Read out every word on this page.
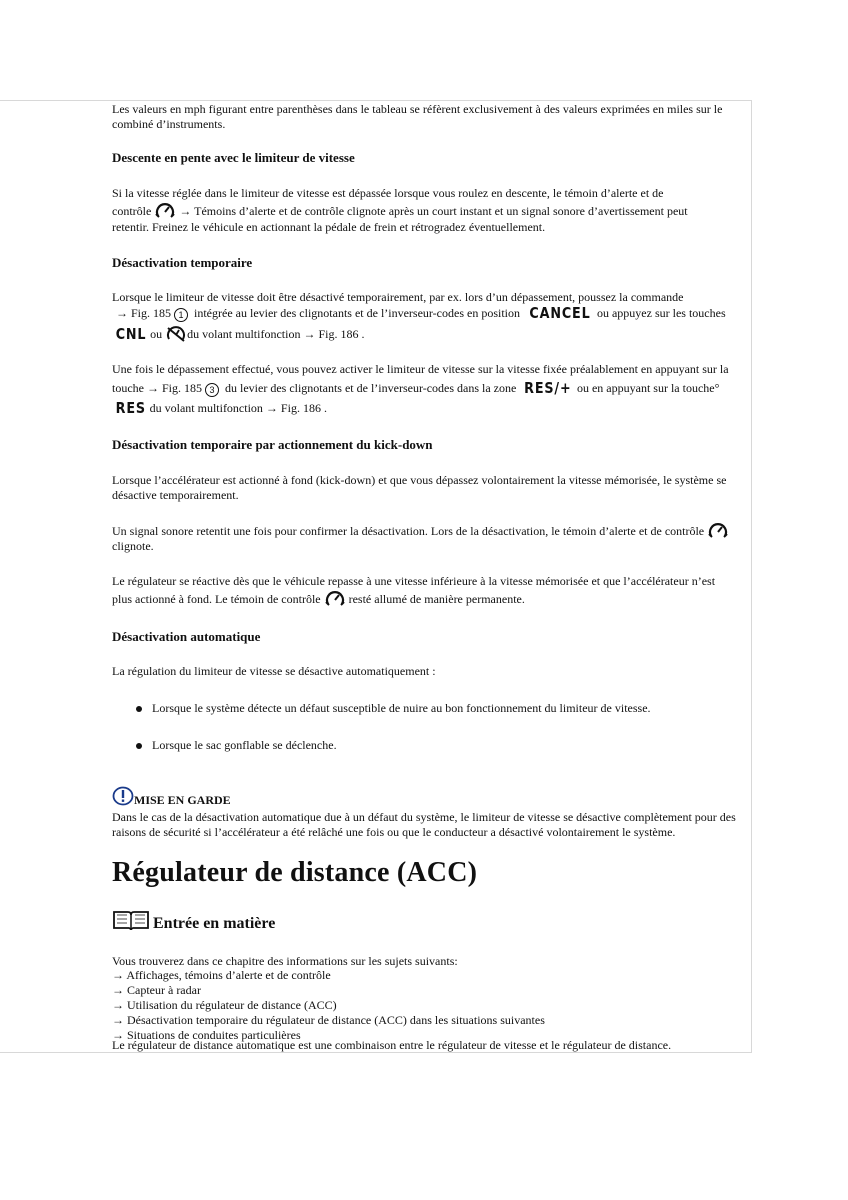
Les valeurs en mph figurant entre parenthèses dans le tableau se réfèrent exclusivement à des valeurs exprimées en miles sur le combiné d’instruments.

Descente en pente avec le limiteur de vitesse

Si la vitesse réglée dans le limiteur de vitesse est dépassée lorsque vous roulez en descente, le témoin d’alerte et de

contrôle → Témoins d’alerte et de contrôle clignote après un court instant et un signal sonore d’avertissement peut

retentir. Freinez le véhicule en actionnant la pédale de frein et rétrogradez éventuellement.

Désactivation temporaire

Lorsque le limiteur de vitesse doit être désactivé temporairement, par ex. lors d’un dépassement, poussez la commande

→ Fig. 185 1 intégrée au levier des clignotants et de l’inverseur-codes en position CANCEL ou appuyez sur les touches
CNL ou du volant multifonction → Fig. 186 .

Une fois le dépassement effectué, vous pouvez activer le limiteur de vitesse sur la vitesse fixée préalablement en appuyant sur la

touche → Fig. 185 3 du levier des clignotants et de l’inverseur-codes dans la zone RES/+ ou en appuyant sur la touche°
RES du volant multifonction → Fig. 186 .
Désactivation temporaire par actionnement du kick-down

Lorsque l’accélérateur est actionné à fond (kick-down) et que vous dépassez volontairement la vitesse mémorisée, le système se désactive temporairement.

Un signal sonore retentit une fois pour confirmer la désactivation. Lors de la désactivation, le témoin d’alerte et de contrôle
clignote.

Le régulateur se réactive dès que le véhicule repasse à une vitesse inférieure à la vitesse mémorisée et que l’accélérateur n’est

plus actionné à fond. Le témoin de contrôle resté allumé de manière permanente.
Désactivation automatique

La régulation du limiteur de vitesse se désactive automatiquement :

Lorsque le système détecte un défaut susceptible de nuire au bon fonctionnement du limiteur de vitesse.
Lorsque le sac gonflable se déclenche.
MISE EN GARDE

Dans le cas de la désactivation automatique due à un défaut du système, le limiteur de vitesse se désactive complètement pour des raisons de sécurité si l’accélérateur a été relâché une fois ou que le conducteur a désactivé volontairement le système.

Régulateur de distance (ACC)
Entrée en matière

Vous trouverez dans ce chapitre des informations sur les sujets suivants:

→ Affichages, témoins d’alerte et de contrôle
→ Capteur à radar
→ Utilisation du régulateur de distance (ACC)
→ Désactivation temporaire du régulateur de distance (ACC) dans les situations suivantes
→ Situations de conduites particulières

Le régulateur de distance automatique est une combinaison entre le régulateur de vitesse et le régulateur de distance.
